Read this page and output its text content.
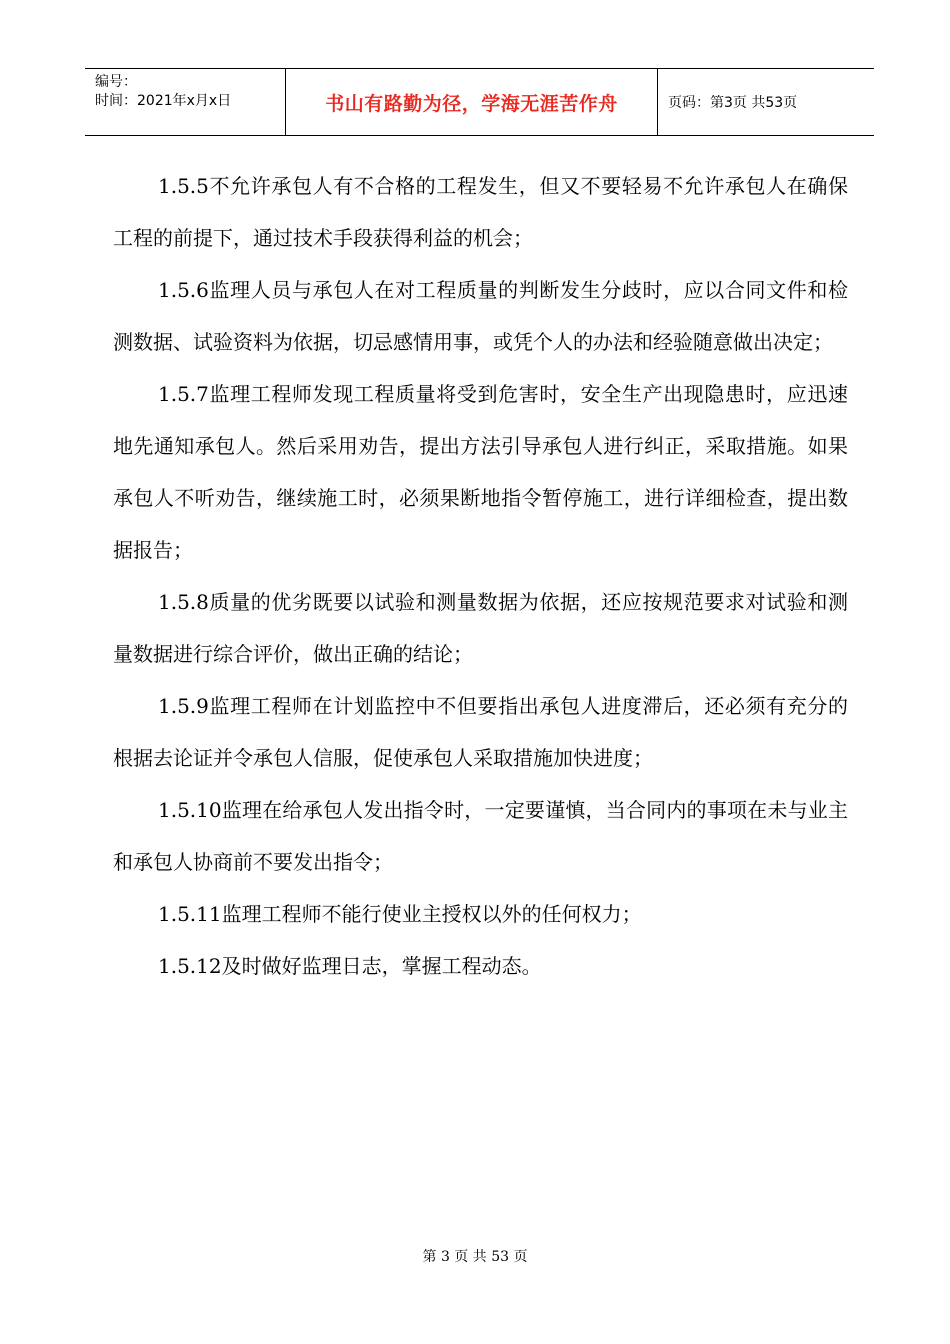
编号：
时间：2021年x月x日	书山有路勤为径，学海无涯苦作舟	页码：第3页 共53页

1.5.5不允许承包人有不合格的工程发生，但又不要轻易不允许承包人在确保工程的前提下，通过技术手段获得利益的机会；

1.5.6监理人员与承包人在对工程质量的判断发生分歧时，应以合同文件和检测数据、试验资料为依据，切忌感情用事，或凭个人的办法和经验随意做出决定；

1.5.7监理工程师发现工程质量将受到危害时，安全生产出现隐患时，应迅速地先通知承包人。然后采用劝告，提出方法引导承包人进行纠正，采取措施。如果承包人不听劝告，继续施工时，必须果断地指令暂停施工，进行详细检查，提出数据报告；

1.5.8质量的优劣既要以试验和测量数据为依据，还应按规范要求对试验和测量数据进行综合评价，做出正确的结论；

1.5.9监理工程师在计划监控中不但要指出承包人进度滞后，还必须有充分的根据去论证并令承包人信服，促使承包人采取措施加快进度；

1.5.10监理在给承包人发出指令时，一定要谨慎，当合同内的事项在未与业主和承包人协商前不要发出指令；

1.5.11监理工程师不能行使业主授权以外的任何权力；

1.5.12及时做好监理日志，掌握工程动态。

第 3 页 共 53 页
